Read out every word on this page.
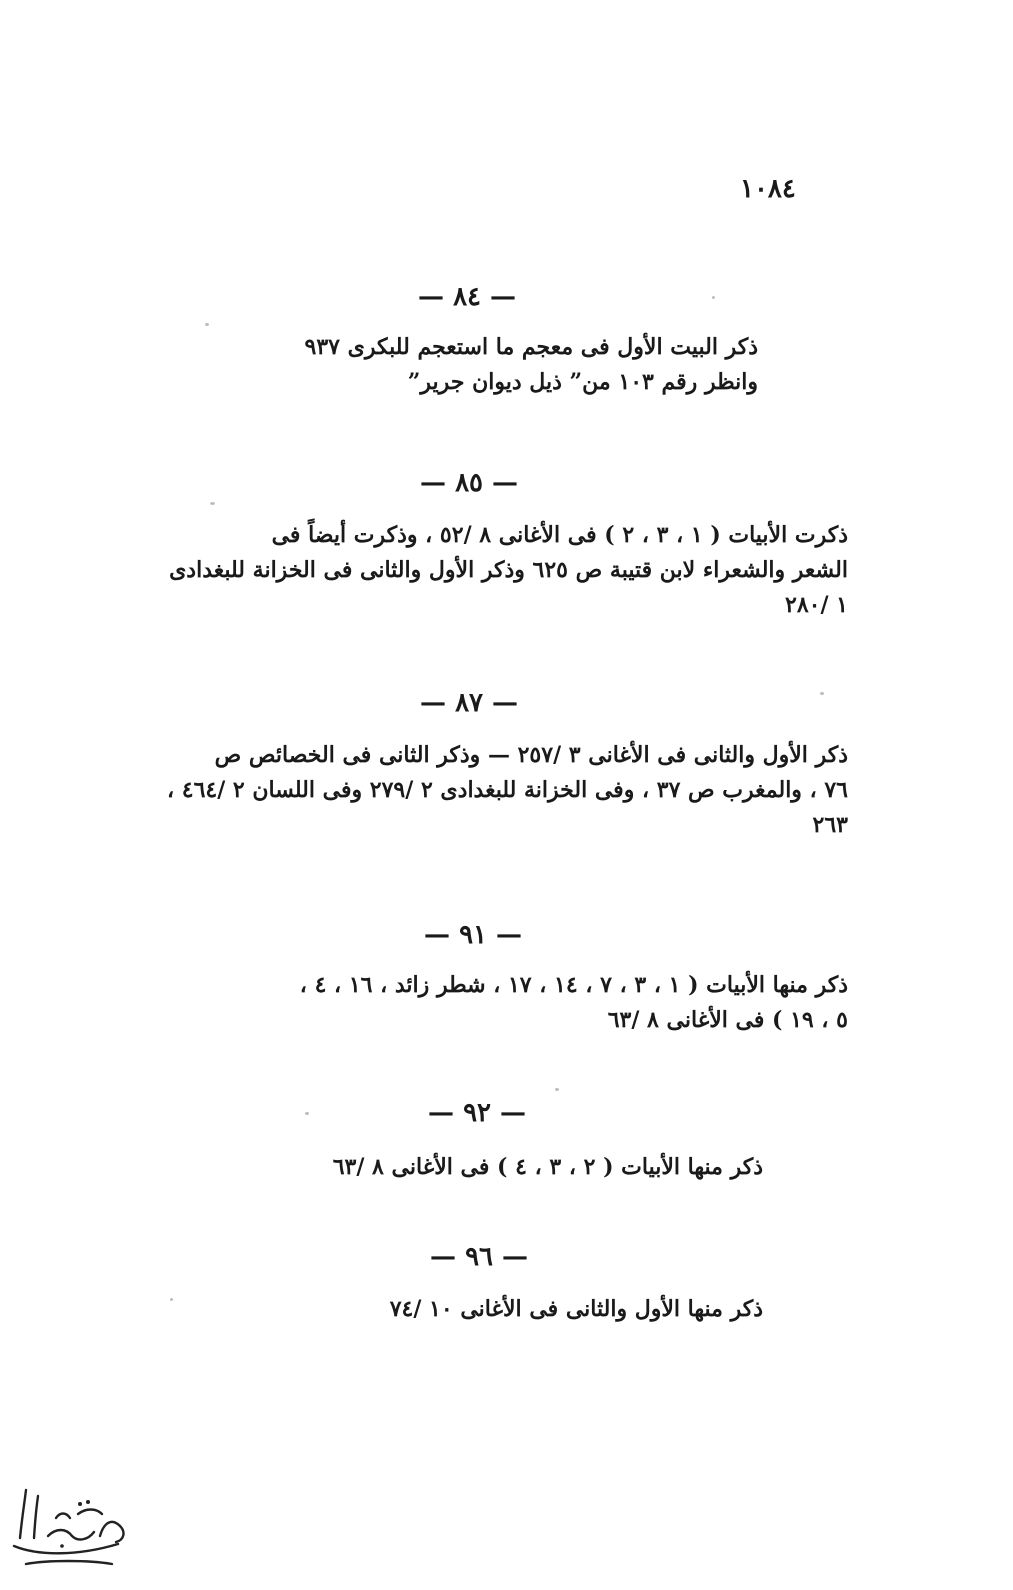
١٠٨٤
— ٨٤ —
ذكر البيت الأول فى معجم ما استعجم للبكرى ٩٣٧
وانظر رقم ١٠٣ من” ذيل ديوان جرير”
— ٨٥ —
ذكرت الأبيات ( ١ ، ٣ ، ٢ ) فى الأغانى ٨ /٥٢ ، وذكرت أيضاً فى
الشعر والشعراء لابن قتيبة ص ٦٢٥ وذكر الأول والثانى فى الخزانة للبغدادى
١ /٢٨٠
— ٨٧ —
ذكر الأول والثانى فى الأغانى ٣ /٢٥٧ — وذكر الثانى فى الخصائص ص
٧٦ ، والمغرب ص ٣٧ ، وفى الخزانة للبغدادى ٢ /٢٧٩ وفى اللسان ٢ /٤٦٤ ،
٢٦٣
— ٩١ —
ذكر منها الأبيات ( ١ ، ٣ ، ٧ ، ١٤ ، ١٧ ، شطر زائد ، ١٦ ، ٤ ،
٥ ، ١٩ ) فى الأغانى ٨ /٦٣
— ٩٢ —
ذكر منها الأبيات ( ٢ ، ٣ ، ٤ ) فى الأغانى ٨ /٦٣
— ٩٦ —
ذكر منها الأول والثانى فى الأغانى ١٠ /٧٤
